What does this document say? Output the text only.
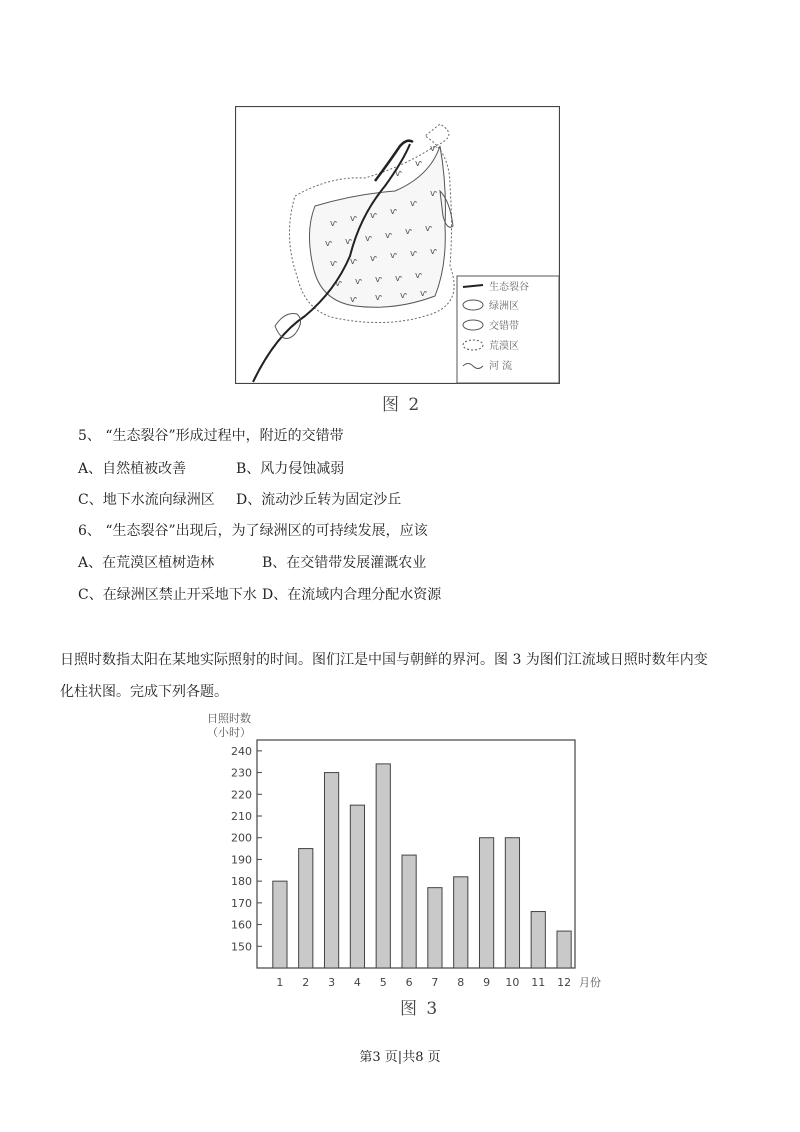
ⱱ ⱱ ⱱ ⱱ
ⱱ
ⱱ
ⱱ ⱱ ⱱ ⱱ ⱱ ⱱ
ⱱ ⱱ ⱱ ⱱ ⱱ ⱱ
ⱱ ⱱ ⱱ ⱱ ⱱ
ⱱ ⱱ ⱱ ⱱ
ⱱ
ⱱ
ⱱ
生态裂谷
绿洲区
交错带
荒漠区
河 流
图 2
5、 “生态裂谷”形成过程中，附近的交错带
A、自然植被改善	B、风力侵蚀减弱
C、地下水流向绿洲区 D、流动沙丘转为固定沙丘
6、 “生态裂谷”出现后，为了绿洲区的可持续发展，应该
A、在荒漠区植树造林	B、在交错带发展灌溉农业
C、在绿洲区禁止开采地下水 D、在流域内合理分配水资源
日照时数指太阳在某地实际照射的时间。图们江是中国与朝鲜的界河。图 3 为图们江流域日照时数年内变
化柱状图。完成下列各题。
日照时数
（小时）
150
160
170
180
190
200
210
220
230
240
1 2 3 4 5 6 7 8 9 10 11 12 月份
图 3
第3 页|共8 页
